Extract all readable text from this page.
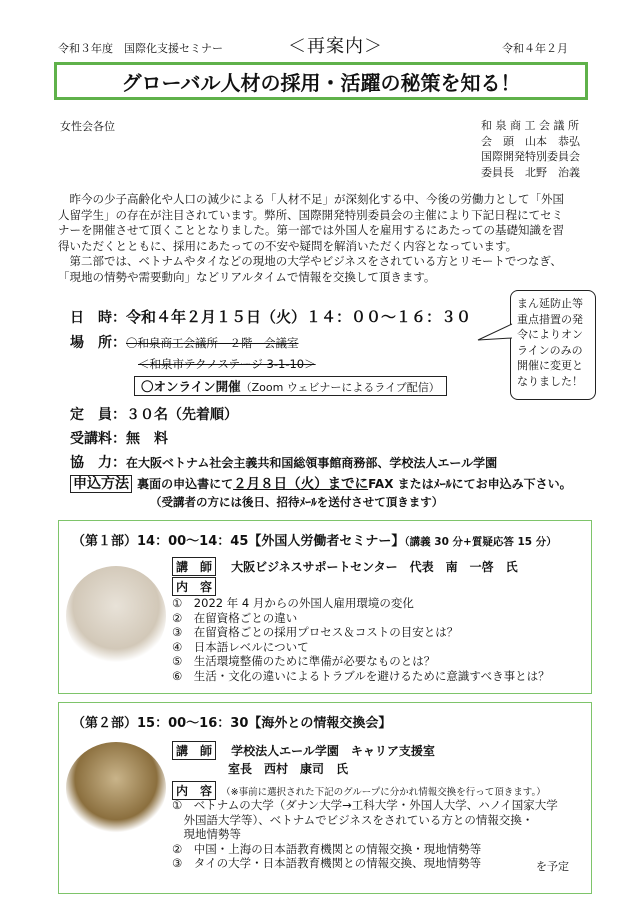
令和３年度　国際化支援セミナー	＜再案内＞	令和４年２月
グローバル人材の採用・活躍の秘策を知る！
女性会各位	和 泉 商 工 会 議 所
会　頭　山本　恭弘
国際開発特別委員会
委員長　北野　治義
　昨今の少子高齢化や人口の減少による「人材不足」が深刻化する中、今後の労働力として「外国
人留学生」の存在が注目されています。弊所、国際開発特別委員会の主催により下記日程にてセミ
ナーを開催させて頂くこととなりました。第一部では外国人を雇用するにあたっての基礎知識を習
得いただくとともに、採用にあたっての不安や疑問を解消いただく内容となっています。
　第二部では、ベトナムやタイなどの現地の大学やビジネスをされている方とリモートでつなぎ、
「現地の情勢や需要動向」などリアルタイムで情報を交換して頂きます。
まん延防止等重点措置の発令によりオンラインのみの開催に変更となりました！
日　時：令和４年２月１５日（火）１４：００～１６：３０
場　所：〇和泉商工会議所　２階　会議室
＜和泉市テクノステージ 3-1-10＞
〇オンライン開催（Zoom ウェビナーによるライブ配信）
定　員：３０名（先着順）
受講料：無　料
協　力：在大阪ベトナム社会主義共和国総領事館商務部、学校法人エール学園
申込方法 裏面の申込書にて２月８日（火）までにFAX またはﾒｰﾙにてお申込み下さい。
（受講者の方には後日、招待ﾒｰﾙを送付させて頂きます）
（第１部）14：00～14：45【外国人労働者セミナー】（講義 30 分+質疑応答 15 分）
講　師 大阪ビジネスサポートセンター　代表　南　一啓　氏
内　容
①　2022 年 4 月からの外国人雇用環境の変化
②　在留資格ごとの違い
③　在留資格ごとの採用プロセス＆コストの目安とは？
④　日本語レベルについて
⑤　生活環境整備のために準備が必要なものとは？
⑥　生活・文化の違いによるトラブルを避けるために意識すべき事とは？
（第２部）15：00～16：30【海外との情報交換会】
講　師 学校法人エール学園　キャリア支援室
室長　西村　康司　氏
内　容 （※事前に選択された下記のグループに分かれ情報交換を行って頂きます。）
①　ベトナムの大学（ダナン大学→工科大学・外国人大学、ハノイ国家大学
　外国語大学等）、ベトナムでビジネスをされている方との情報交換・
　現地情勢等
②　中国・上海の日本語教育機関との情報交換・現地情勢等
③　タイの大学・日本語教育機関との情報交換、現地情勢等	を予定
